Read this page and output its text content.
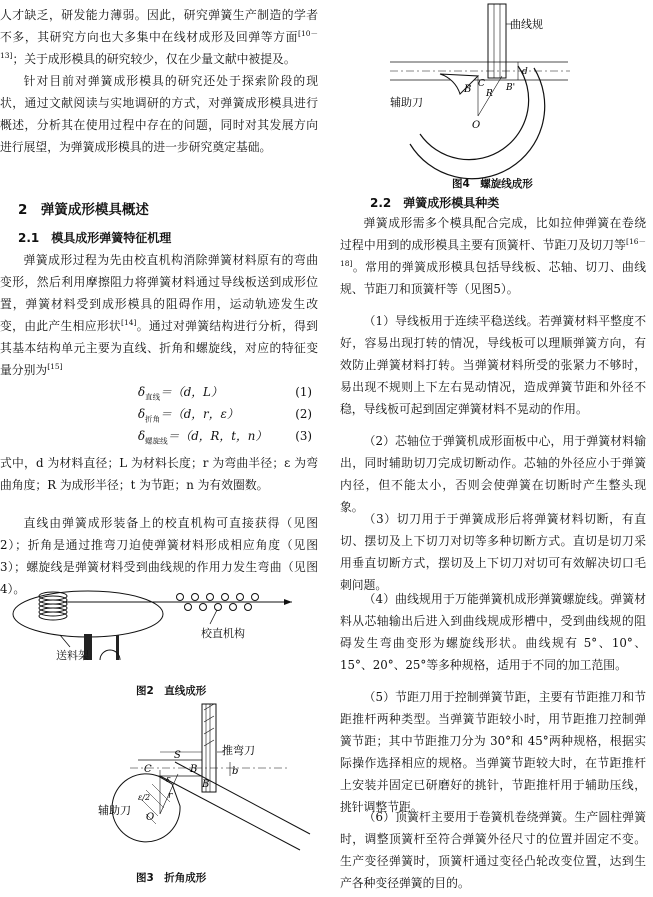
人才缺乏，研发能力薄弱。因此，研究弹簧生产制造的学者不多，其研究方向也大多集中在线材成形及回弹等方面[10－13]；关于成形模具的研究较少，仅在少量文献中被提及。

针对目前对弹簧成形模具的研究还处于探索阶段的现状，通过文献阅读与实地调研的方式，对弹簧成形模具进行概述，分析其在使用过程中存在的问题，同时对其发展方向进行展望，为弹簧成形模具的进一步研究奠定基础。

2　弹簧成形模具概述
2.1　模具成形弹簧特征机理

弹簧成形过程为先由校直机构消除弹簧材料原有的弯曲变形，然后利用摩擦阻力将弹簧材料通过导线板送到成形位置，弹簧材料受到成形模具的阻碍作用，运动轨迹发生改变，由此产生相应形状[14]。通过对弹簧结构进行分析，得到其基本结构单元主要为直线、折角和螺旋线，对应的特征变量分别为[15]

$\delta_{直线}=(d$，L）	(1)
$\delta_{折角}=(d$，r，ε）	(2)
$\delta_{螺旋线}=(d$，R，t，n） (3)

式中，d 为材料直径；L 为材料长度；r 为弯曲半径；ε 为弯曲角度；R 为成形半径；t 为节距；n 为有效圈数。

直线由弹簧成形装备上的校直机构可直接获得（见图2）；折角是通过推弯刀迫使弹簧材料形成相应角度（见图3）；螺旋线是弹簧材料受到曲线规的作用力发生弯曲（见图4）。

校直机构
送料架
图2　直线成形
S
C	B
B
b
ε
r
ε/2
O
推弯刀
辅助刀
图3　折角成形
曲线规
辅助刀
B R
C
O
B'
d
图4　螺旋线成形
2.2　弹簧成形模具种类

弹簧成形需多个模具配合完成，比如拉伸弹簧在卷绕过程中用到的成形模具主要有顶簧杆、节距刀及切刀等[16－18]。常用的弹簧成形模具包括导线板、芯轴、切刀、曲线规、节距刀和顶簧杆等（见图5）。

（1）导线板用于连续平稳送线。若弹簧材料平整度不好，容易出现打转的情况，导线板可以理顺弹簧方向，有效防止弹簧材料打转。当弹簧材料所受的张紧力不够时，易出现不规则上下左右晃动情况，造成弹簧节距和外径不稳，导线板可起到固定弹簧材料不晃动的作用。

（2）芯轴位于弹簧机成形面板中心，用于弹簧材料输出，同时辅助切刀完成切断动作。芯轴的外径应小于弹簧内径，但不能太小，否则会使弹簧在切断时产生整头现象。

（3）切刀用于于弹簧成形后将弹簧材料切断，有直切、摆切及上下切刀对切等多种切断方式。直切是切刀采用垂直切断方式，摆切及上下切刀对切可有效解决切口毛刺问题。

（4）曲线规用于万能弹簧机成形弹簧螺旋线。弹簧材料从芯轴输出后进入到曲线规成形槽中，受到曲线规的阻碍发生弯曲变形为螺旋线形状。曲线规有 5°、10°、15°、20°、25°等多种规格，适用于不同的加工范围。

（5）节距刀用于控制弹簧节距，主要有节距推刀和节距推杆两种类型。当弹簧节距较小时，用节距推刀控制弹簧节距；其中节距推刀分为 30°和 45°两种规格，根据实际操作选择相应的规格。当弹簧节距较大时，在节距推杆上安装并固定已研磨好的挑针，节距推杆用于辅助压线，挑针调整节距。

（6）顶簧杆主要用于卷簧机卷绕弹簧。生产圆柱弹簧时，调整顶簧杆至符合弹簧外径尺寸的位置并固定不变。生产变径弹簧时，顶簧杆通过变径凸轮改变位置，达到生产各种变径弹簧的目的。
